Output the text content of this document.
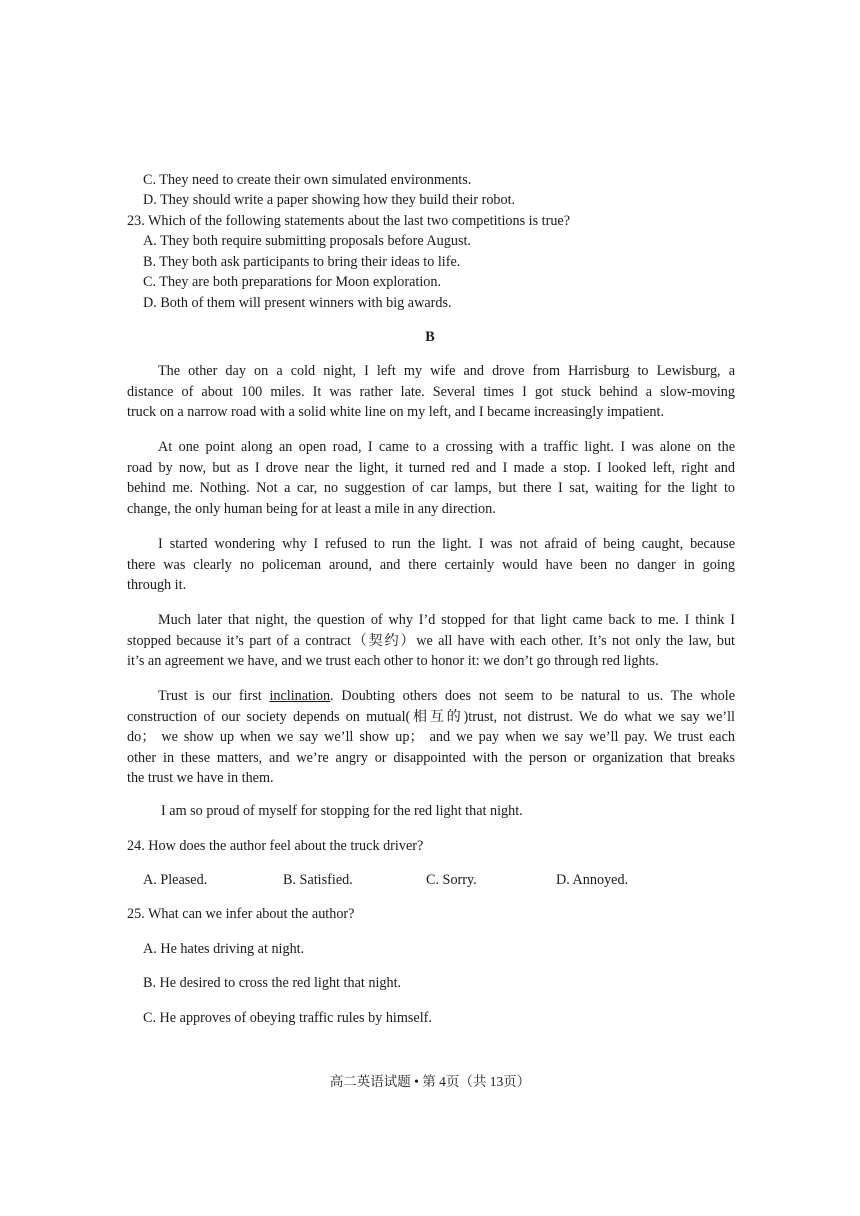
C. They need to create their own simulated environments.
D. They should write a paper showing how they build their robot.
23. Which of the following statements about the last two competitions is true?
A. They both require submitting proposals before August.
B. They both ask participants to bring their ideas to life.
C. They are both preparations for Moon exploration.
D. Both of them will present winners with big awards.
B
The other day on a cold night, I left my wife and drove from Harrisburg to Lewisburg, a
distance of about 100 miles. It was rather late. Several times I got stuck behind a slow-moving
truck on a narrow road with a solid white line on my left, and I became increasingly impatient.
At one point along an open road, I came to a crossing with a traffic light. I was alone on the
road by now, but as I drove near the light, it turned red and I made a stop. I looked left, right and
behind me. Nothing. Not a car, no suggestion of car lamps, but there I sat, waiting for the light to
change, the only human being for at least a mile in any direction.
I started wondering why I refused to run the light. I was not afraid of being caught, because
there was clearly no policeman around, and there certainly would have been no danger in going
through it.
Much later that night, the question of why I’d stopped for that light came back to me. I think I
stopped because it’s part of a contract（契约）we all have with each other. It’s not only the law, but
it’s an agreement we have, and we trust each other to honor it: we don’t go through red lights.
Trust is our first inclination. Doubting others does not seem to be natural to us. The whole
construction of our society depends on mutual(相互的)trust, not distrust. We do what we say we’ll
do； we show up when we say we’ll show up； and we pay when we say we’ll pay. We trust each
other in these matters, and we’re angry or disappointed with the person or organization that breaks
the trust we have in them.
I am so proud of myself for stopping for the red light that night.
24. How does the author feel about the truck driver?
A. Pleased.	B. Satisfied.	C. Sorry.	D. Annoyed.
25. What can we infer about the author?
A. He hates driving at night.
B. He desired to cross the red light that night.
C. He approves of obeying traffic rules by himself.
高二英语试题 • 第 4页（共 13页）
